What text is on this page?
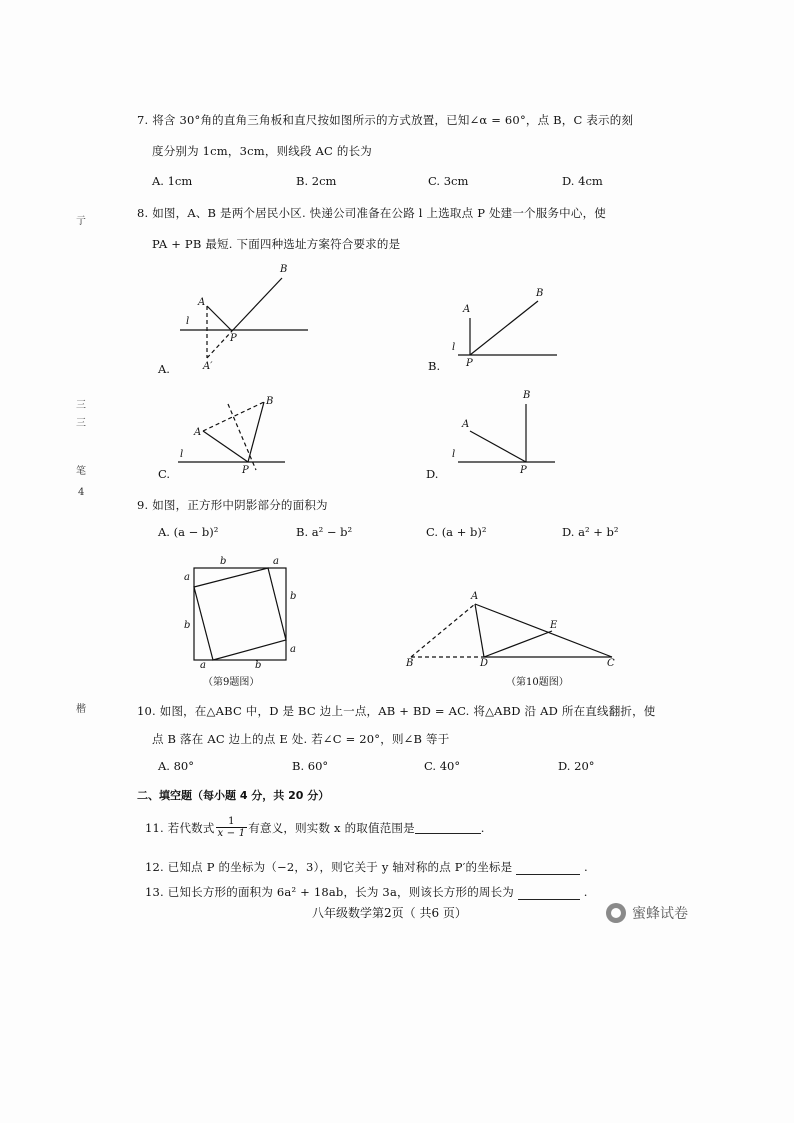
亍
三
三
笔
4
楷
7. 将含 30°角的直角三角板和直尺按如图所示的方式放置，已知∠α = 60°，点 B，C 表示的刻
度分别为 1cm，3cm，则线段 AC 的长为
A. 1cm	B. 2cm	C. 3cm	D. 4cm
8. 如图，A、B 是两个居民小区. 快递公司准备在公路 l 上选取点 P 处建一个服务中心，使
PA + PB 最短. 下面四种选址方案符合要求的是
B
A
l
P
A′
A.
B
A
l
P
B.
B
A
l
P
C.
B
A
l
P
D.
9. 如图，正方形中阴影部分的面积为
A. (a − b)²	B. a² − b²	C. (a + b)²	D. a² + b²
b	a
a
b
b
a
a	b
（第9题图）
A
E
B	D	C
（第10题图）
10. 如图，在△ABC 中，D 是 BC 边上一点，AB + BD = AC. 将△ABD 沿 AD 所在直线翻折，使
点 B 落在 AC 边上的点 E 处. 若∠C = 20°，则∠B 等于
A. 80°	B. 60°	C. 40°	D. 20°
二、填空题（每小题 4 分，共 20 分）
11. 若代数式 $\frac{1}{x - 1}$ 有意义，则实数 x 的取值范围是	.
12. 已知点 P 的坐标为（−2，3），则它关于 y 轴对称的点 P′的坐标是	.
13. 已知长方形的面积为 6a² + 18ab，长为 3a，则该长方形的周长为	.
八年级数学第2页（ 共6 页）	蜜蜂试卷
